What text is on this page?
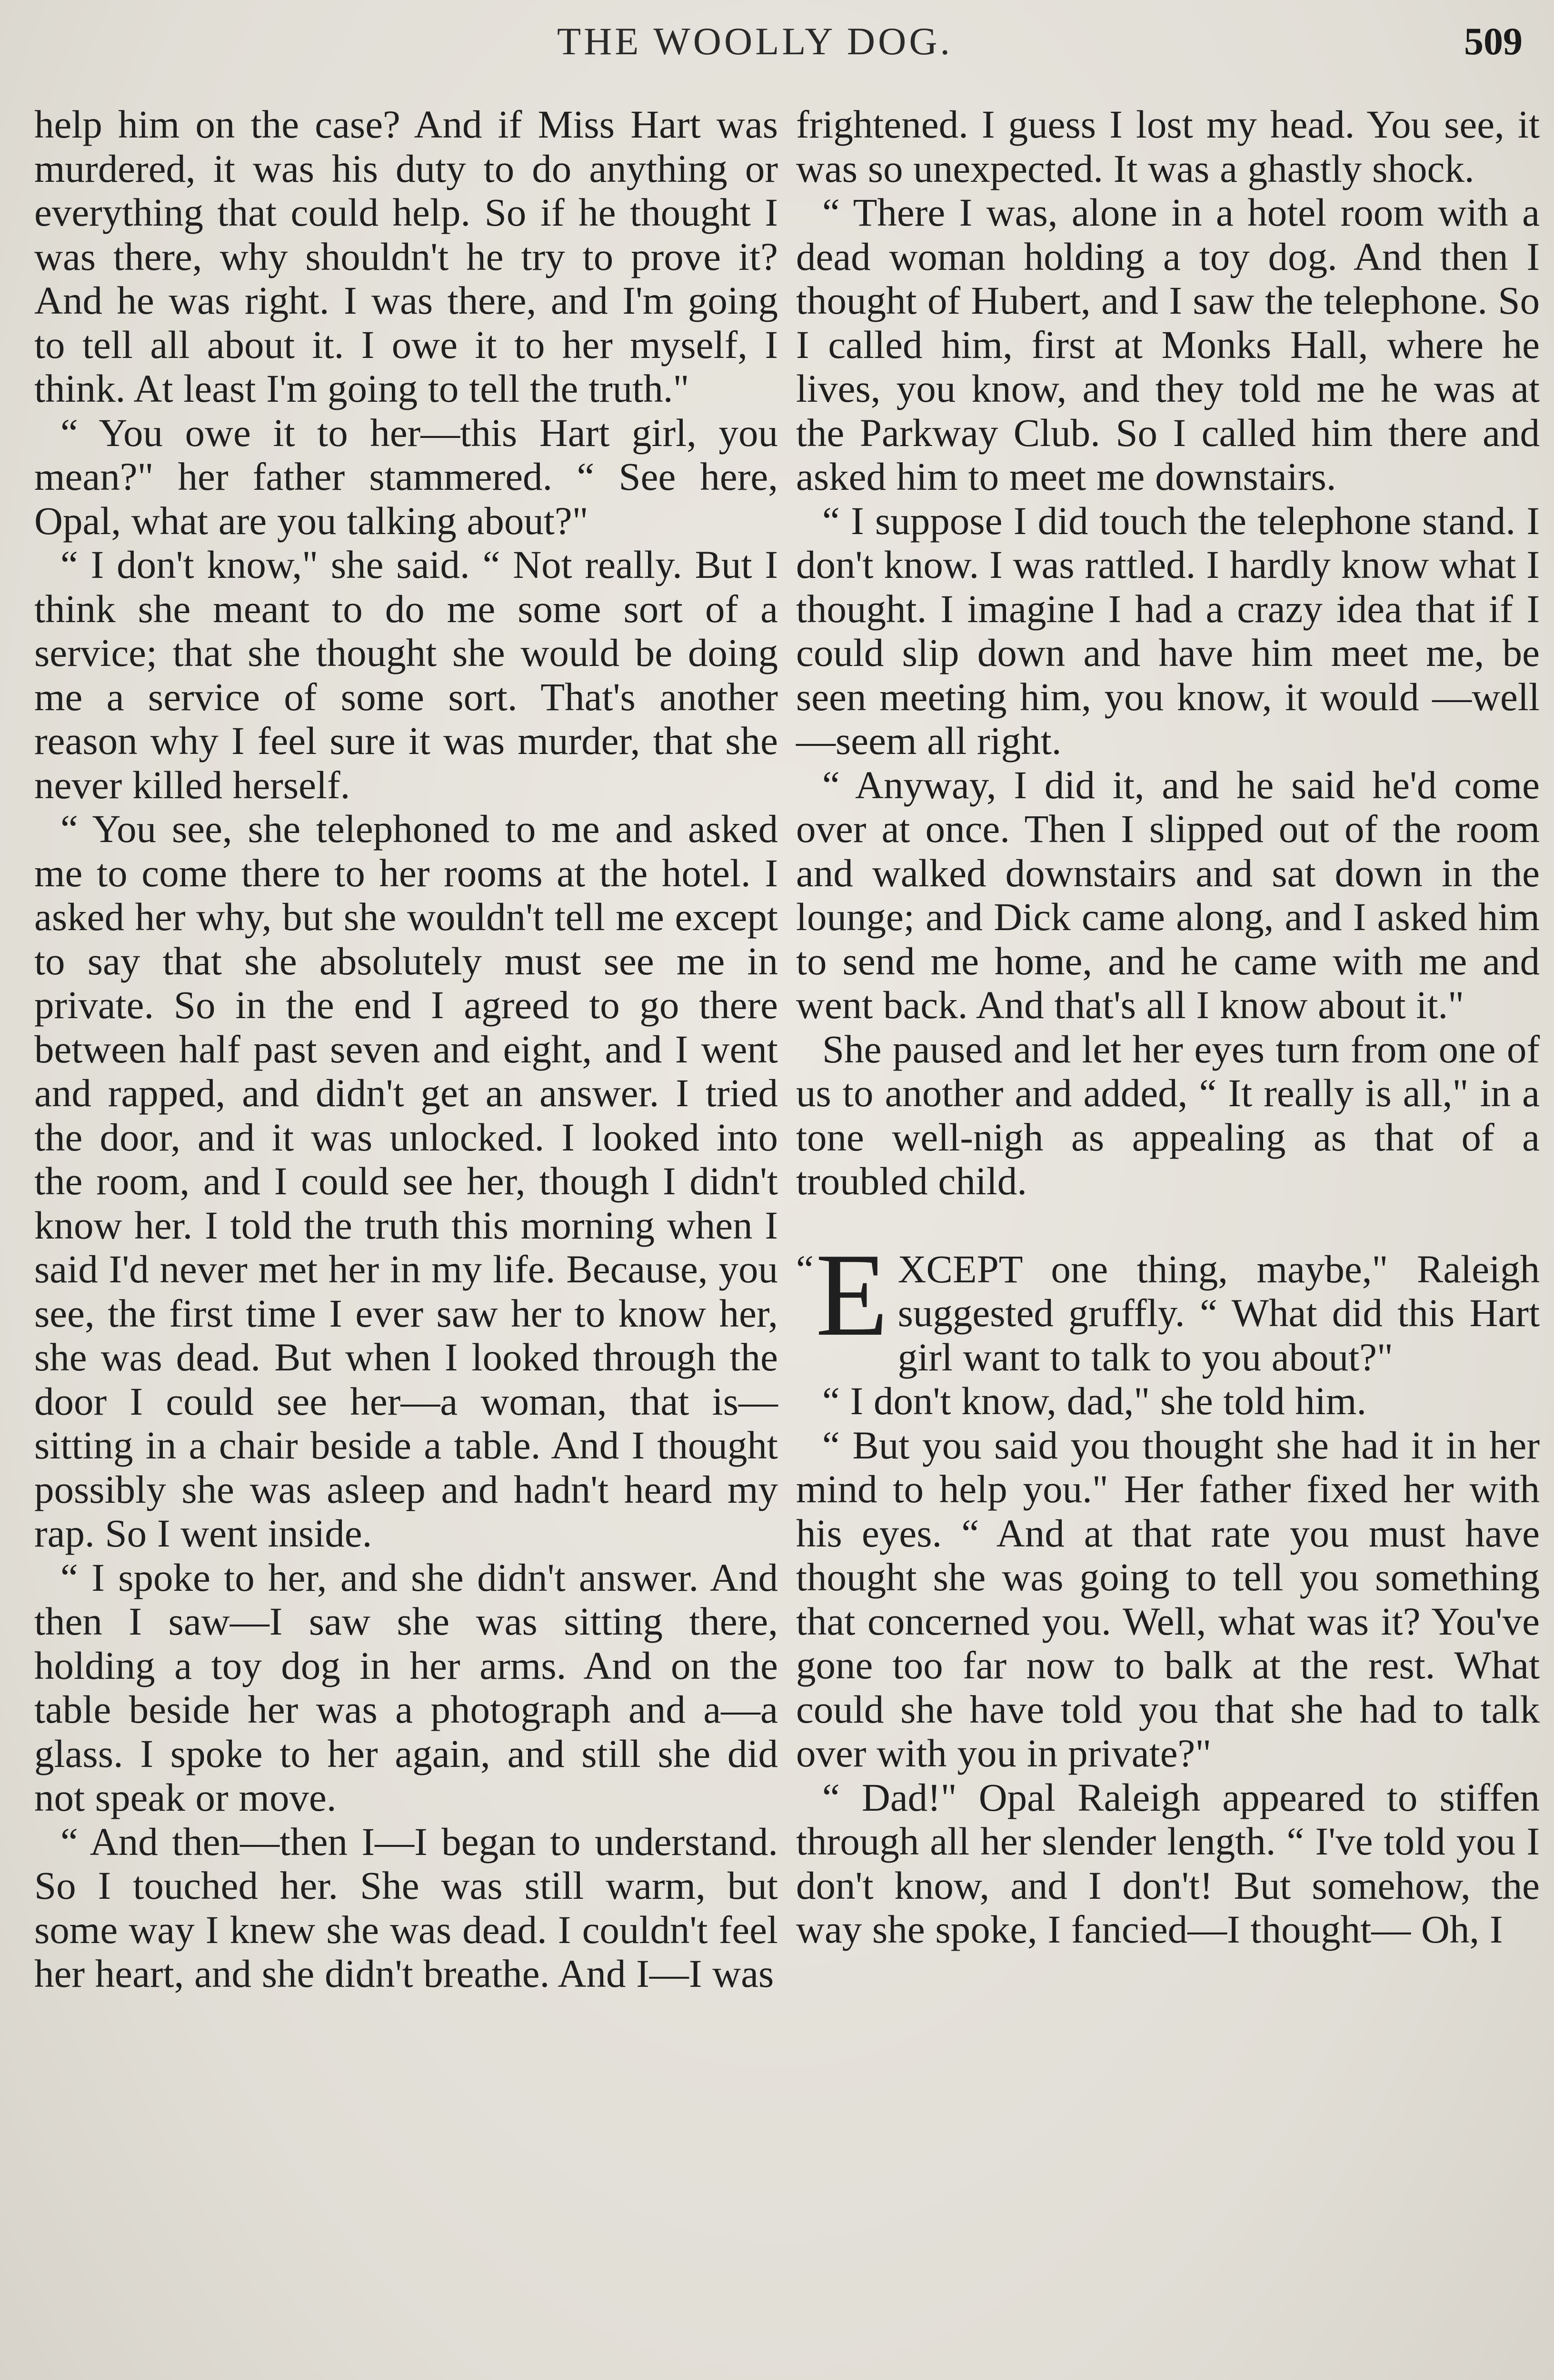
THE WOOLLY DOG.	509

help him on the case? And if Miss Hart was murdered, it was his duty to do anything or everything that could help. So if he thought I was there, why shouldn't he try to prove it? And he was right. I was there, and I'm going to tell all about it. I owe it to her myself, I think. At least I'm going to tell the truth."

“ You owe it to her—this Hart girl, you mean?" her father stammered. “ See here, Opal, what are you talking about?"

“ I don't know," she said. “ Not really. But I think she meant to do me some sort of a service; that she thought she would be doing me a service of some sort. That's another reason why I feel sure it was murder, that she never killed herself.

“ You see, she telephoned to me and asked me to come there to her rooms at the hotel. I asked her why, but she wouldn't tell me except to say that she absolutely must see me in private. So in the end I agreed to go there between half past seven and eight, and I went and rapped, and didn't get an answer. I tried the door, and it was unlocked. I looked into the room, and I could see her, though I didn't know her. I told the truth this morning when I said I'd never met her in my life. Because, you see, the first time I ever saw her to know her, she was dead. But when I looked through the door I could see her—a woman, that is—sitting in a chair beside a table. And I thought possibly she was asleep and hadn't heard my rap. So I went inside.

“ I spoke to her, and she didn't answer. And then I saw—I saw she was sitting there, holding a toy dog in her arms. And on the table beside her was a photograph and a—a glass. I spoke to her again, and still she did not speak or move.

“ And then—then I—I began to understand. So I touched her. She was still warm, but some way I knew she was dead. I couldn't feel her heart, and she didn't breathe. And I—I was

frightened. I guess I lost my head. You see, it was so unexpected. It was a ghastly shock.

“ There I was, alone in a hotel room with a dead woman holding a toy dog. And then I thought of Hubert, and I saw the telephone. So I called him, first at Monks Hall, where he lives, you know, and they told me he was at the Parkway Club. So I called him there and asked him to meet me downstairs.

“ I suppose I did touch the telephone stand. I don't know. I was rattled. I hardly know what I thought. I imagine I had a crazy idea that if I could slip down and have him meet me, be seen meeting him, you know, it would —well—seem all right.

“ Anyway, I did it, and he said he'd come over at once. Then I slipped out of the room and walked downstairs and sat down in the lounge; and Dick came along, and I asked him to send me home, and he came with me and went back. And that's all I know about it."

She paused and let her eyes turn from one of us to another and added, “ It really is all," in a tone well-nigh as appealing as that of a troubled child.

“ E XCEPT one thing, maybe," Raleigh suggested gruffly. “ What did this Hart girl want to talk to you about?"

“ I don't know, dad," she told him.

“ But you said you thought she had it in her mind to help you." Her father fixed her with his eyes. “ And at that rate you must have thought she was going to tell you something that concerned you. Well, what was it? You've gone too far now to balk at the rest. What could she have told you that she had to talk over with you in private?"

“ Dad!" Opal Raleigh appeared to stiffen through all her slender length. “ I've told you I don't know, and I don't! But somehow, the way she spoke, I fancied—I thought— Oh, I
